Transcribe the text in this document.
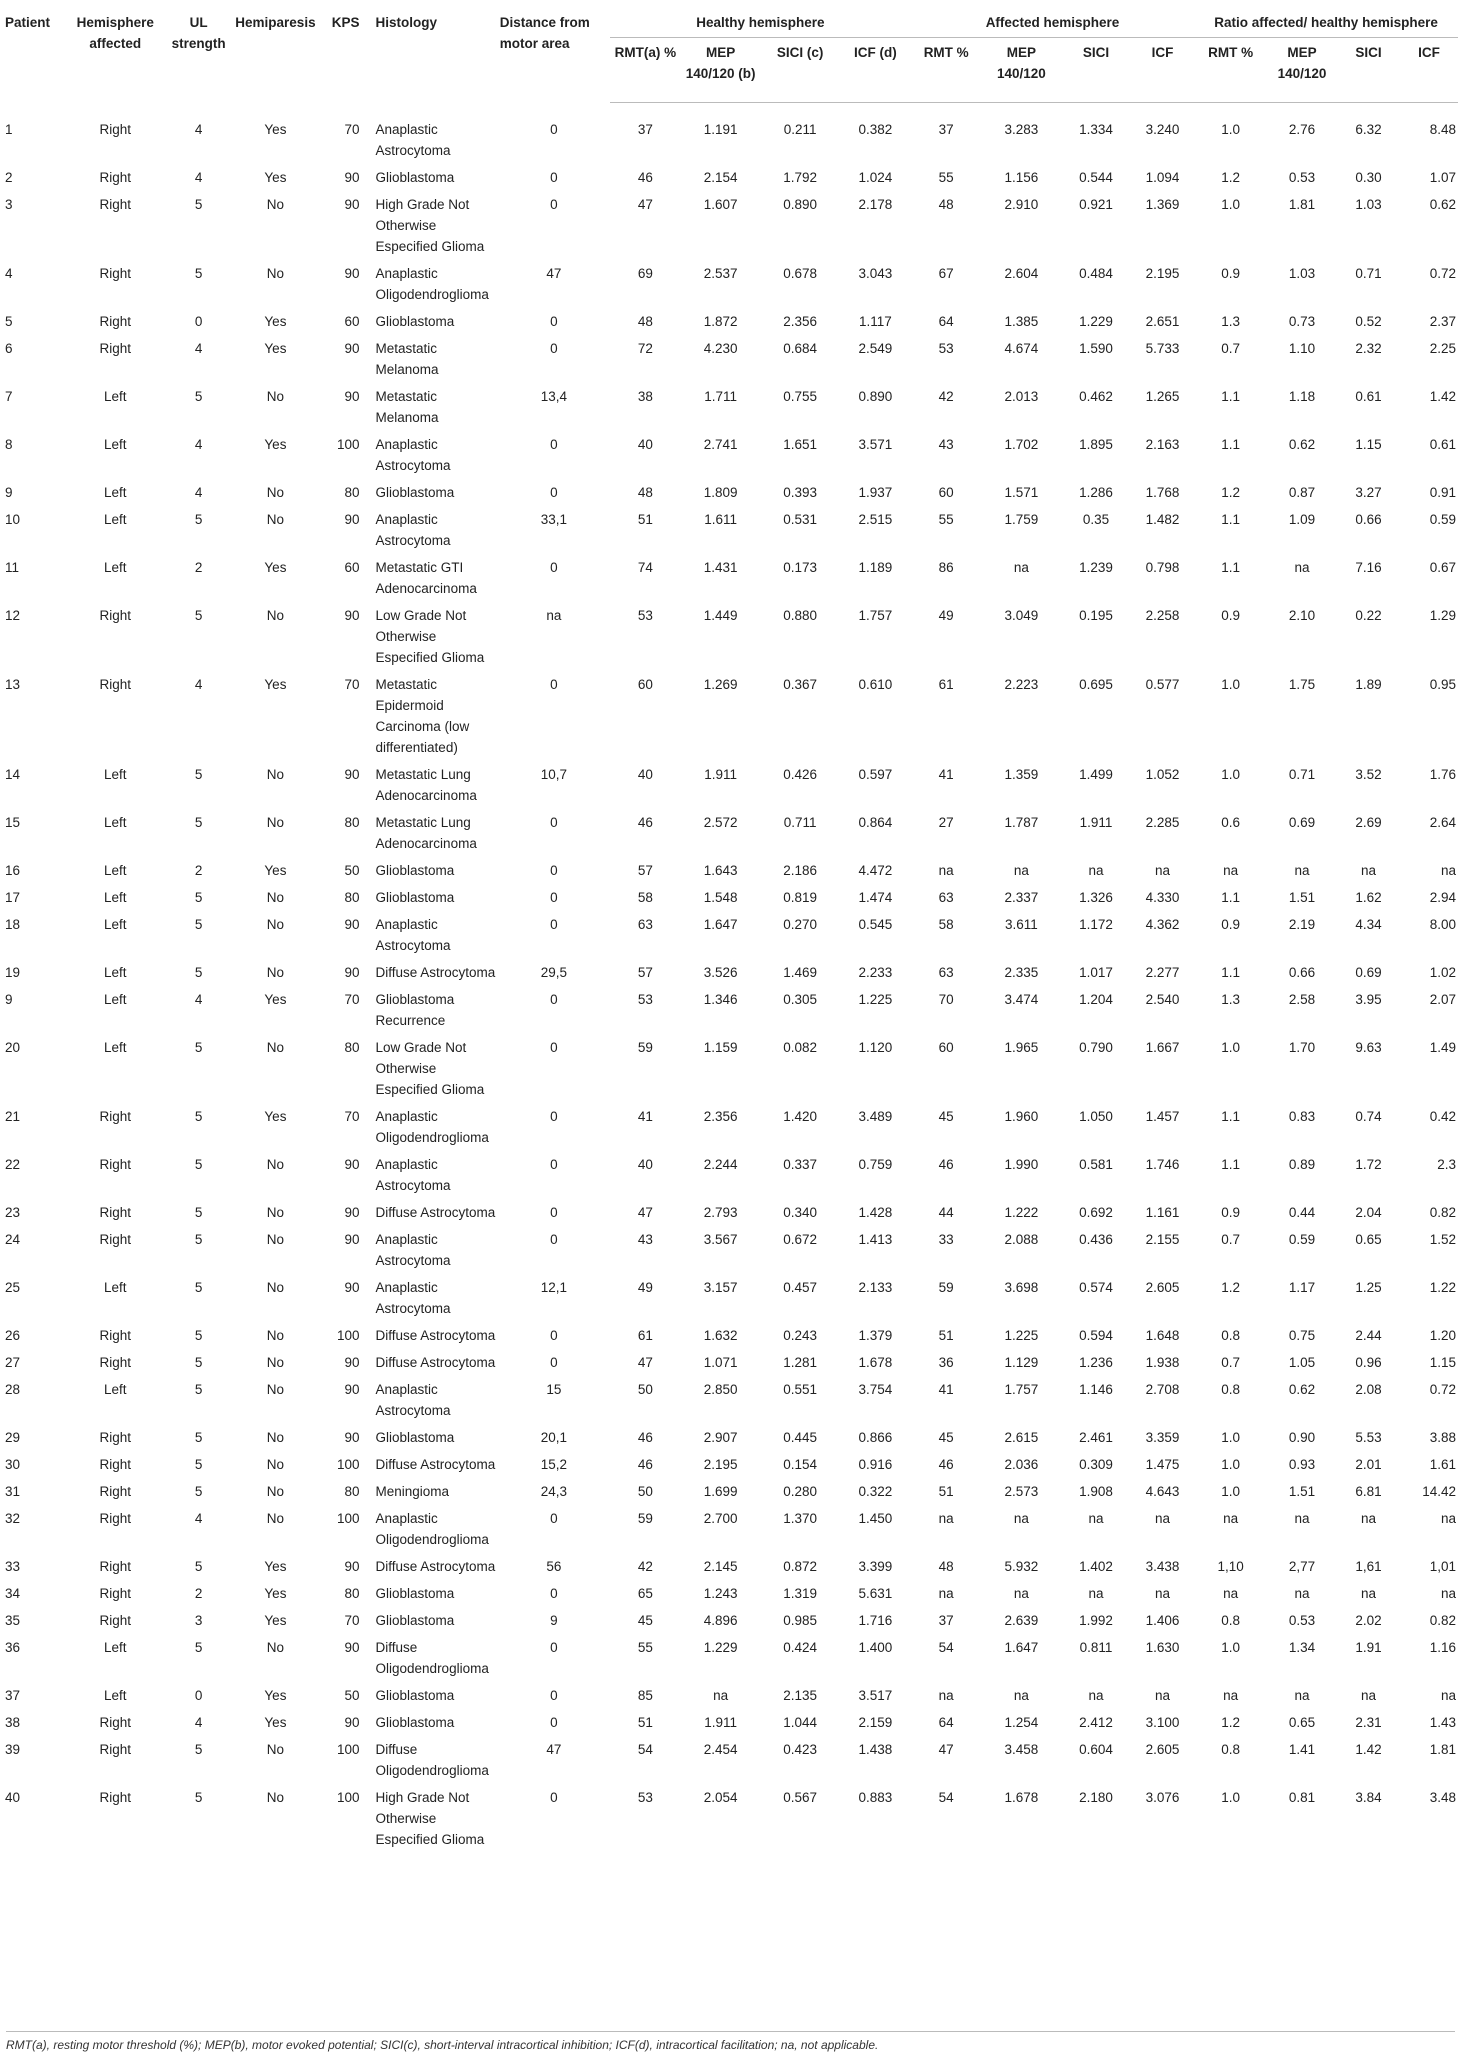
Patient	Hemisphere affected	UL strength	Hemiparesis	KPS	Histology	Distance from motor area	Healthy hemisphere				Affected hemisphere				Ratio affected/ healthy hemisphere			
							RMT(a) %	MEP 140/120 (b)	SICI (c)	ICF (d)	RMT %	MEP 140/120	SICI	ICF	RMT %	MEP 140/120	SICI	ICF
1	Right	4	Yes	70	Anaplastic Astrocytoma	0	37	1.191	0.211	0.382	37	3.283	1.334	3.240	1.0	2.76	6.32	8.48
2	Right	4	Yes	90	Glioblastoma	0	46	2.154	1.792	1.024	55	1.156	0.544	1.094	1.2	0.53	0.30	1.07
3	Right	5	No	90	High Grade Not Otherwise Especified Glioma	0	47	1.607	0.890	2.178	48	2.910	0.921	1.369	1.0	1.81	1.03	0.62
4	Right	5	No	90	Anaplastic Oligodendroglioma	47	69	2.537	0.678	3.043	67	2.604	0.484	2.195	0.9	1.03	0.71	0.72
5	Right	0	Yes	60	Glioblastoma	0	48	1.872	2.356	1.117	64	1.385	1.229	2.651	1.3	0.73	0.52	2.37
6	Right	4	Yes	90	Metastatic Melanoma	0	72	4.230	0.684	2.549	53	4.674	1.590	5.733	0.7	1.10	2.32	2.25
7	Left	5	No	90	Metastatic Melanoma	13,4	38	1.711	0.755	0.890	42	2.013	0.462	1.265	1.1	1.18	0.61	1.42
8	Left	4	Yes	100	Anaplastic Astrocytoma	0	40	2.741	1.651	3.571	43	1.702	1.895	2.163	1.1	0.62	1.15	0.61
9	Left	4	No	80	Glioblastoma	0	48	1.809	0.393	1.937	60	1.571	1.286	1.768	1.2	0.87	3.27	0.91
10	Left	5	No	90	Anaplastic Astrocytoma	33,1	51	1.611	0.531	2.515	55	1.759	0.35	1.482	1.1	1.09	0.66	0.59
11	Left	2	Yes	60	Metastatic GTI Adenocarcinoma	0	74	1.431	0.173	1.189	86	na	1.239	0.798	1.1	na	7.16	0.67
12	Right	5	No	90	Low Grade Not Otherwise Especified Glioma	na	53	1.449	0.880	1.757	49	3.049	0.195	2.258	0.9	2.10	0.22	1.29
13	Right	4	Yes	70	Metastatic Epidermoid Carcinoma (low differentiated)	0	60	1.269	0.367	0.610	61	2.223	0.695	0.577	1.0	1.75	1.89	0.95
14	Left	5	No	90	Metastatic Lung Adenocarcinoma	10,7	40	1.911	0.426	0.597	41	1.359	1.499	1.052	1.0	0.71	3.52	1.76
15	Left	5	No	80	Metastatic Lung Adenocarcinoma	0	46	2.572	0.711	0.864	27	1.787	1.911	2.285	0.6	0.69	2.69	2.64
16	Left	2	Yes	50	Glioblastoma	0	57	1.643	2.186	4.472	na	na	na	na	na	na	na	na
17	Left	5	No	80	Glioblastoma	0	58	1.548	0.819	1.474	63	2.337	1.326	4.330	1.1	1.51	1.62	2.94
18	Left	5	No	90	Anaplastic Astrocytoma	0	63	1.647	0.270	0.545	58	3.611	1.172	4.362	0.9	2.19	4.34	8.00
19	Left	5	No	90	Diffuse Astrocytoma	29,5	57	3.526	1.469	2.233	63	2.335	1.017	2.277	1.1	0.66	0.69	1.02
9	Left	4	Yes	70	Glioblastoma Recurrence	0	53	1.346	0.305	1.225	70	3.474	1.204	2.540	1.3	2.58	3.95	2.07
20	Left	5	No	80	Low Grade Not Otherwise Especified Glioma	0	59	1.159	0.082	1.120	60	1.965	0.790	1.667	1.0	1.70	9.63	1.49
21	Right	5	Yes	70	Anaplastic Oligodendroglioma	0	41	2.356	1.420	3.489	45	1.960	1.050	1.457	1.1	0.83	0.74	0.42
22	Right	5	No	90	Anaplastic Astrocytoma	0	40	2.244	0.337	0.759	46	1.990	0.581	1.746	1.1	0.89	1.72	2.3
23	Right	5	No	90	Diffuse Astrocytoma	0	47	2.793	0.340	1.428	44	1.222	0.692	1.161	0.9	0.44	2.04	0.82
24	Right	5	No	90	Anaplastic Astrocytoma	0	43	3.567	0.672	1.413	33	2.088	0.436	2.155	0.7	0.59	0.65	1.52
25	Left	5	No	90	Anaplastic Astrocytoma	12,1	49	3.157	0.457	2.133	59	3.698	0.574	2.605	1.2	1.17	1.25	1.22
26	Right	5	No	100	Diffuse Astrocytoma	0	61	1.632	0.243	1.379	51	1.225	0.594	1.648	0.8	0.75	2.44	1.20
27	Right	5	No	90	Diffuse Astrocytoma	0	47	1.071	1.281	1.678	36	1.129	1.236	1.938	0.7	1.05	0.96	1.15
28	Left	5	No	90	Anaplastic Astrocytoma	15	50	2.850	0.551	3.754	41	1.757	1.146	2.708	0.8	0.62	2.08	0.72
29	Right	5	No	90	Glioblastoma	20,1	46	2.907	0.445	0.866	45	2.615	2.461	3.359	1.0	0.90	5.53	3.88
30	Right	5	No	100	Diffuse Astrocytoma	15,2	46	2.195	0.154	0.916	46	2.036	0.309	1.475	1.0	0.93	2.01	1.61
31	Right	5	No	80	Meningioma	24,3	50	1.699	0.280	0.322	51	2.573	1.908	4.643	1.0	1.51	6.81	14.42
32	Right	4	No	100	Anaplastic Oligodendroglioma	0	59	2.700	1.370	1.450	na	na	na	na	na	na	na	na
33	Right	5	Yes	90	Diffuse Astrocytoma	56	42	2.145	0.872	3.399	48	5.932	1.402	3.438	1,10	2,77	1,61	1,01
34	Right	2	Yes	80	Glioblastoma	0	65	1.243	1.319	5.631	na	na	na	na	na	na	na	na
35	Right	3	Yes	70	Glioblastoma	9	45	4.896	0.985	1.716	37	2.639	1.992	1.406	0.8	0.53	2.02	0.82
36	Left	5	No	90	Diffuse Oligodendroglioma	0	55	1.229	0.424	1.400	54	1.647	0.811	1.630	1.0	1.34	1.91	1.16
37	Left	0	Yes	50	Glioblastoma	0	85	na	2.135	3.517	na	na	na	na	na	na	na	na
38	Right	4	Yes	90	Glioblastoma	0	51	1.911	1.044	2.159	64	1.254	2.412	3.100	1.2	0.65	2.31	1.43
39	Right	5	No	100	Diffuse Oligodendroglioma	47	54	2.454	0.423	1.438	47	3.458	0.604	2.605	0.8	1.41	1.42	1.81
40	Right	5	No	100	High Grade Not Otherwise Especified Glioma	0	53	2.054	0.567	0.883	54	1.678	2.180	3.076	1.0	0.81	3.84	3.48
RMT(a), resting motor threshold (%); MEP(b), motor evoked potential; SICI(c), short-interval intracortical inhibition; ICF(d), intracortical facilitation; na, not applicable.
